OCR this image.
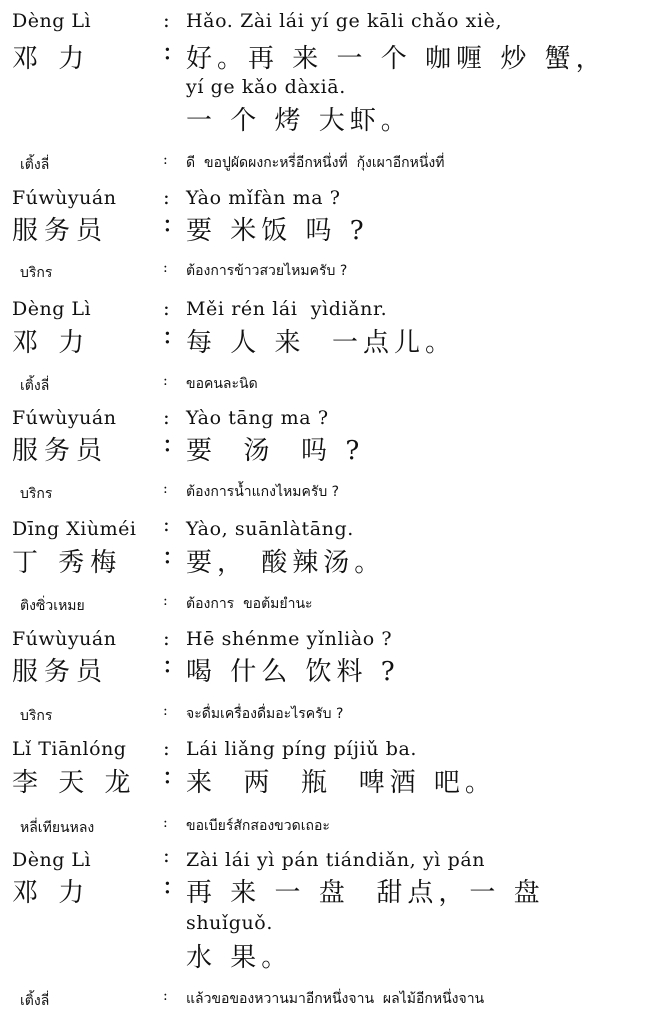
Dèng Lì	: Hǎo. Zài lái yí ge kāli chǎo xiè,
邓 力	: 好。再 来 一 个 咖喱 炒 蟹，
yí ge kǎo dàxiā.
一 个 烤 大虾。
เติ้งลี่	: ดี  ขอปูผัดผงกะหรี่อีกหนึ่งที่  กุ้งเผาอีกหนึ่งที่
Fúwùyuán : Yào mǐfàn ma ?
服务员 : 要 米饭 吗 ?
บริกร	: ต้องการข้าวสวยไหมครับ ?
Dèng Lì	: Měi rén lái  yìdiǎnr.
邓 力	: 每 人 来  一点儿。
เติ้งลี่	: ขอคนละนิด
Fúwùyuán : Yào tāng ma ?
服务员 : 要  汤  吗 ?
บริกร	: ต้องการน้ำแกงไหมครับ ?
Dīng Xiùméi : Yào, suānlàtāng.
丁 秀梅 : 要， 酸辣汤。
ติงซิ่วเหมย	: ต้องการ  ขอต้มยำนะ
Fúwùyuán : Hē shénme yǐnliào ?
服务员 : 喝 什么 饮料 ?
บริกร	: จะดื่มเครื่องดื่มอะไรครับ ?
Lǐ Tiānlóng : Lái liǎng píng píjiǔ ba.
李 天 龙 : 来  两  瓶  啤酒 吧。
หลี่เทียนหลง	: ขอเบียร์สักสองขวดเถอะ
Dèng Lì	: Zài lái yì pán tiándiǎn, yì pán
邓 力	: 再 来 一 盘  甜点，一 盘
shuǐguǒ.
水 果。
เติ้งลี่	: แล้วขอของหวานมาอีกหนึ่งจาน  ผลไม้อีกหนึ่งจาน
